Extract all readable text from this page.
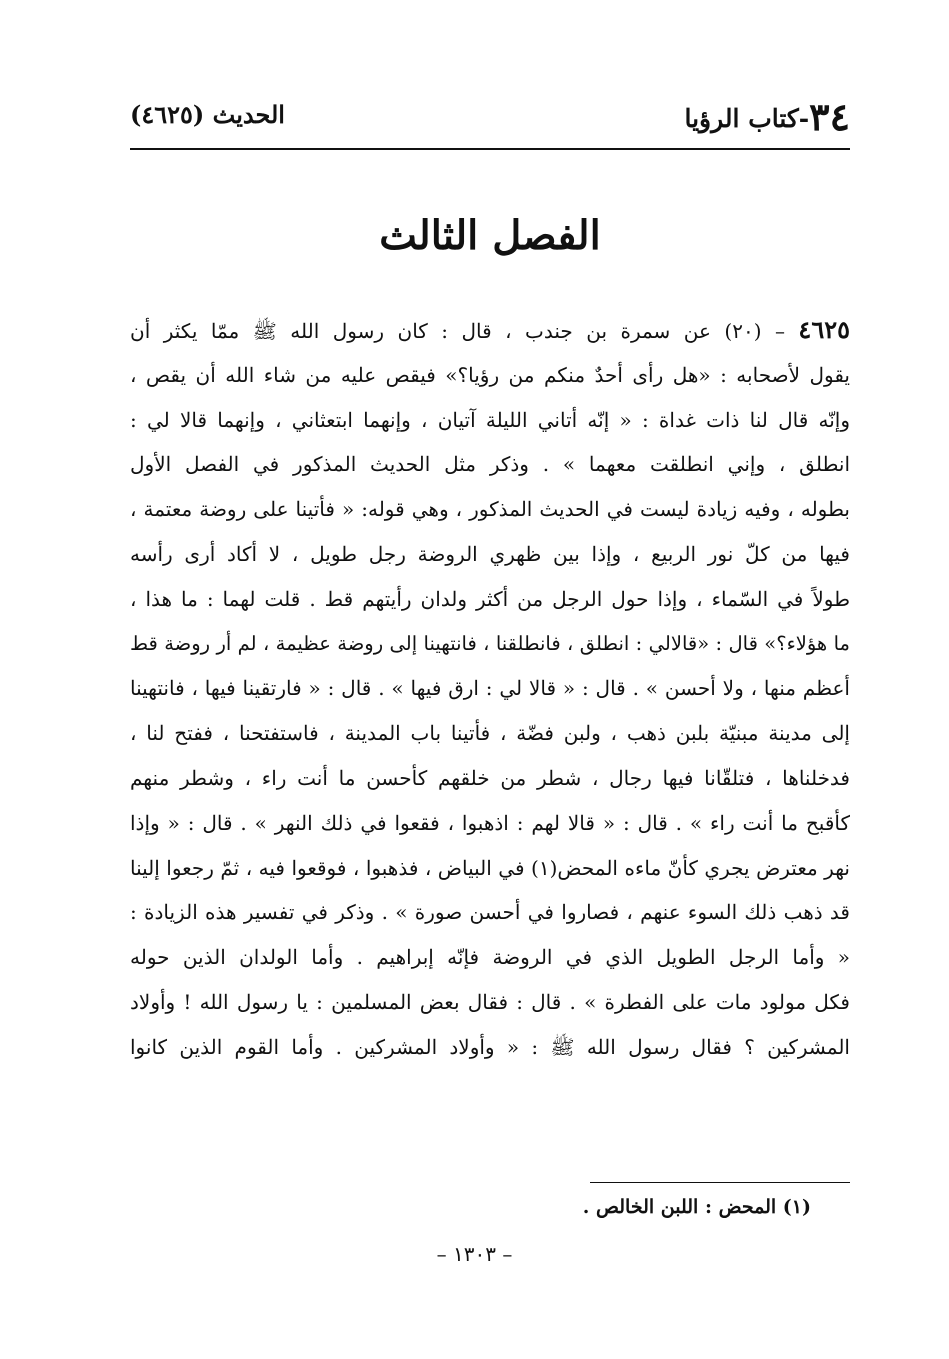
٣٤-كتاب الرؤيا
الحديث (٤٦٢٥)
الفصل الثالث
٤٦٢٥ – (٢٠) عن سمرة بن جندب ، قال : كان رسول الله ﷺ ممّا يكثر أن
يقول لأصحابه : «هل رأى أحدٌ منكم من رؤيا؟» فيقص عليه من شاء الله أن يقص ،
وإنّه قال لنا ذات غداة : « إنّه أتاني الليلة آتيان ، وإنهما ابتعثاني ، وإنهما قالا لي :
انطلق ، وإني انطلقت معهما » . وذكر مثل الحديث المذكور في الفصل الأول
بطوله ، وفيه زيادة ليست في الحديث المذكور ، وهي قوله: « فأتينا على روضة معتمة ،
فيها من كلّ نور الربيع ، وإذا بين ظهري الروضة رجل طويل ، لا أكاد أرى رأسه
طولاً في السّماء ، وإذا حول الرجل من أكثر ولدان رأيتهم قط . قلت لهما : ما هذا ،
ما هؤلاء؟» قال : «قالالي : انطلق ، فانطلقنا ، فانتهينا إلى روضة عظيمة ، لم أر روضة قط
أعظم منها ، ولا أحسن » . قال : « قالا لي : ارق فيها » . قال : « فارتقينا فيها ، فانتهينا
إلى مدينة مبنيّة بلبن ذهب ، ولبن فضّة ، فأتينا باب المدينة ، فاستفتحنا ، ففتح لنا ،
فدخلناها ، فتلقّانا فيها رجال ، شطر من خلقهم كأحسن ما أنت راء ، وشطر منهم
كأقبح ما أنت راء » . قال : « قالا لهم : اذهبوا ، فقعوا في ذلك النهر » . قال : « وإذا
نهر معترض يجري كأنّ ماءه المحض(١) في البياض ، فذهبوا ، فوقعوا فيه ، ثمّ رجعوا إلينا
قد ذهب ذلك السوء عنهم ، فصاروا في أحسن صورة » . وذكر في تفسير هذه الزيادة :
« وأما الرجل الطويل الذي في الروضة فإنّه إبراهيم . وأما الولدان الذين حوله
فكل مولود مات على الفطرة » . قال : فقال بعض المسلمين : يا رسول الله ! وأولاد
المشركين ؟ فقال رسول الله ﷺ : « وأولاد المشركين . وأما القوم الذين كانوا
(١) المحض : اللبن الخالص .
– ١٣٠٣ –
